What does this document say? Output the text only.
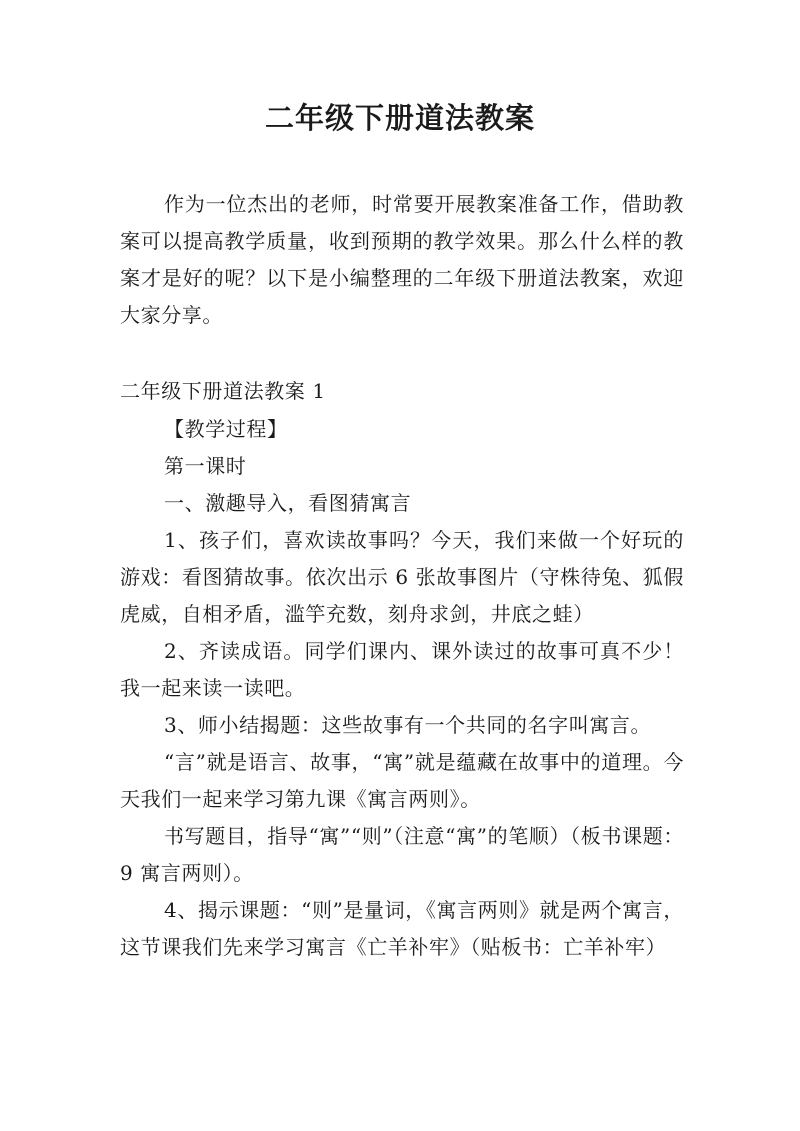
二年级下册道法教案

作为一位杰出的老师，时常要开展教案准备工作，借助教案可以提高教学质量，收到预期的教学效果。那么什么样的教案才是好的呢？以下是小编整理的二年级下册道法教案，欢迎大家分享。

二年级下册道法教案 1

【教学过程】

第一课时

一、激趣导入，看图猜寓言

1、孩子们，喜欢读故事吗？今天，我们来做一个好玩的游戏：看图猜故事。依次出示 6 张故事图片（守株待兔、狐假虎威，自相矛盾，滥竽充数，刻舟求剑，井底之蛙）

2、齐读成语。同学们课内、课外读过的故事可真不少！我一起来读一读吧。

3、师小结揭题：这些故事有一个共同的名字叫寓言。

“言”就是语言、故事，“寓”就是蕴藏在故事中的道理。今天我们一起来学习第九课《寓言两则》。

书写题目，指导“寓”“则”（注意“寓”的笔顺）（板书课题：9 寓言两则）。

4、揭示课题：“则”是量词，《寓言两则》就是两个寓言，这节课我们先来学习寓言《亡羊补牢》（贴板书：亡羊补牢）
